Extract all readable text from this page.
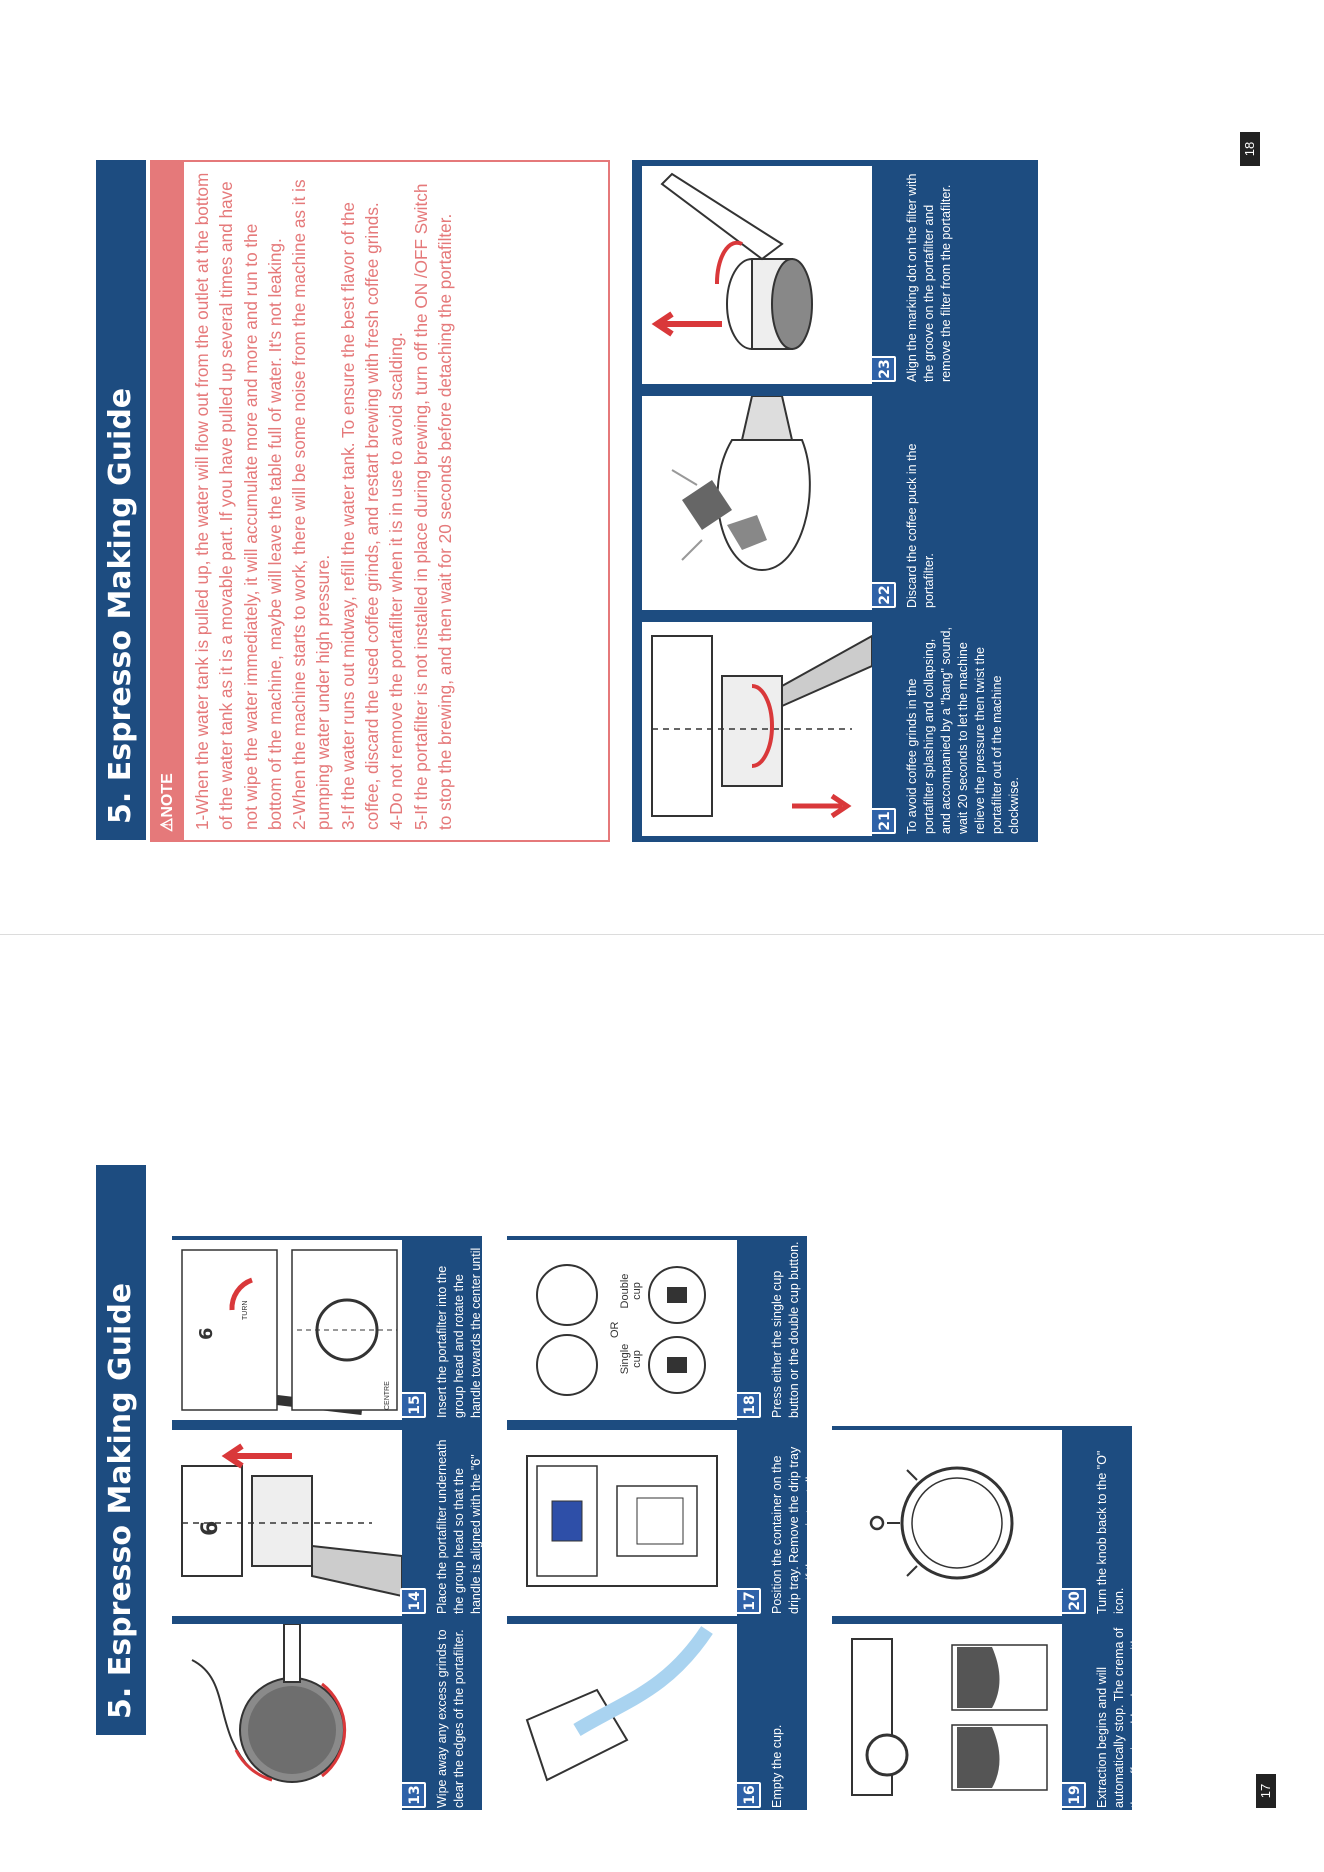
5. Espresso Making Guide
13 Wipe away any excess grinds to clear the edges of the portafilter.
6
14 Place the portafilter underneath the group head so that the handle is aligned with the "6" position.
6
TURN
CENTRE	15 Insert the portafilter into the group head and rotate the handle towards the center until resistance is felt.
16 Empty the cup.
17 Position the container on the drip tray. Remove the drip tray cover if the cup is too tall.
Single cup
OR
Double cup
18 Press either the single cup button or the double cup button.
19 Extraction begins and will automatically stop. The crema of the coffee is golden brown with a fine mousse texture. (Around 40mL per cup is recommended.)
20 Turn the knob back to the "O" icon.
17
5. Espresso Making Guide	⚠NOTE 1-When the water tank is pulled up, the water will flow out from the outlet at the bottom of the water tank as it is a movable part. If you have pulled up several times and have not wipe the water immediately, it will accumulate more and more and run to the bottom of the machine, maybe will leave the table full of water. It's not leaking. 2-When the machine starts to work, there will be some noise from the machine as it is pumping water under high pressure. 3-If the water runs out midway, refill the water tank. To ensure the best flavor of the coffee, discard the used coffee grinds, and restart brewing with fresh coffee grinds. 4-Do not remove the portafilter when it is in use to avoid scalding. 5-If the portafilter is not installed in place during brewing, turn off the ON /OFF Switch to stop the brewing, and then wait for 20 seconds before detaching the portafilter.	21 To avoid coffee grinds in the portafilter splashing and collapsing, and accompanied by a "bang" sound, wait 20 seconds to let the machine relieve the pressure then twist the portafilter out of the machine clockwise.
22 Discard the coffee puck in the portafilter.
23 Align the marking dot on the filter with the groove on the portafilter and remove the filter from the portafilter.
18
